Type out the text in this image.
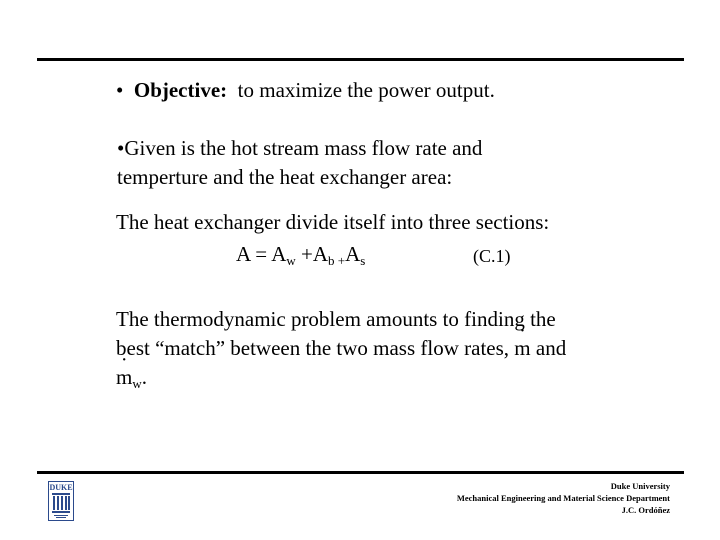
• Objective: to maximize the power output.
•Given is the hot stream mass flow rate and
temperture and the heat exchanger area:
The heat exchanger divide itself into three sections:
$A = A_w +A_b$ $_+A_s$	(C.1)
The thermodynamic problem amounts to finding the
best “match” between the two mass flow rates, · m and
· $m_w$.
DUKE	Duke University
Mechanical Engineering and Material Science Department
J.C. Ordóñez
